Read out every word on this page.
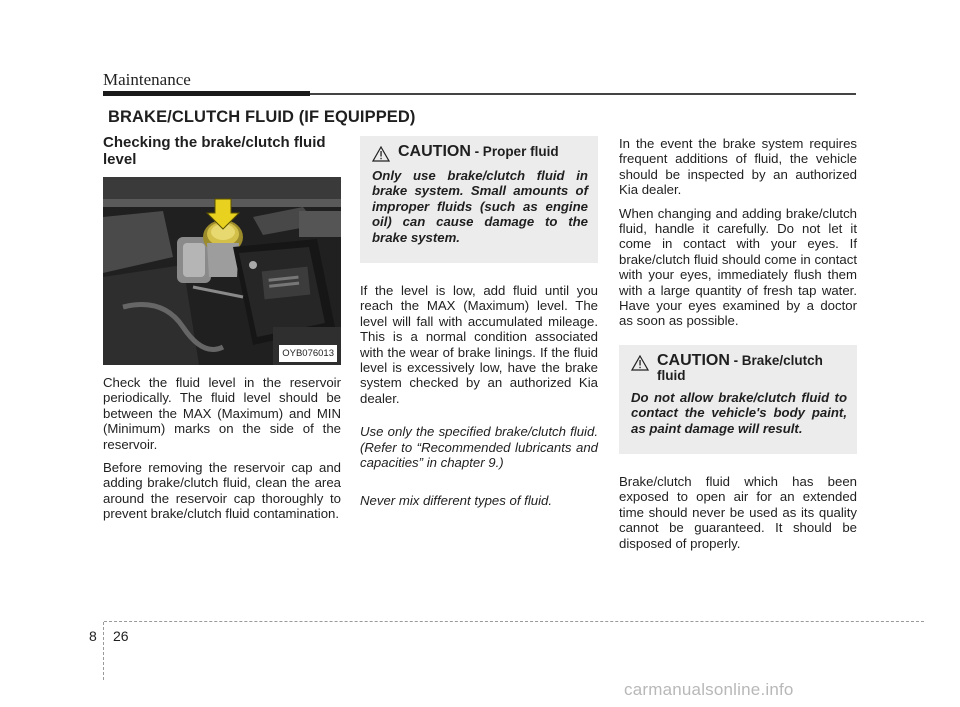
Maintenance
BRAKE/CLUTCH FLUID (IF EQUIPPED)
Checking the brake/clutch fluid level
OYB076013

Check the fluid level in the reservoir periodically. The fluid level should be between the MAX (Maximum) and MIN (Minimum) marks on the side of the reservoir.

Before removing the reservoir cap and adding brake/clutch fluid, clean the area around the reservoir cap thoroughly to prevent brake/clutch fluid contamination.

CAUTION - Proper fluid

Only use brake/clutch fluid in brake system. Small amounts of improper fluids (such as engine oil) can cause damage to the brake system.

If the level is low, add fluid until you reach the MAX (Maximum) level. The level will fall with accumulated mileage. This is a normal condition associated with the wear of brake linings. If the fluid level is excessively low, have the brake system checked by an authorized Kia dealer.

Use only the specified brake/clutch fluid. (Refer to “Recommended lubricants and capacities” in chapter 9.)

Never mix different types of fluid.

In the event the brake system requires frequent additions of fluid, the vehicle should be inspected by an authorized Kia dealer.

When changing and adding brake/clutch fluid, handle it carefully. Do not let it come in contact with your eyes. If brake/clutch fluid should come in contact with your eyes, immediately flush them with a large quantity of fresh tap water. Have your eyes examined by a doctor as soon as possible.

CAUTION - Brake/clutch fluid

Do not allow brake/clutch fluid to contact the vehicle's body paint, as paint damage will result.

Brake/clutch fluid which has been exposed to open air for an extended time should never be used as its quality cannot be guaranteed. It should be disposed of properly.

8 26
carmanualsonline.info
